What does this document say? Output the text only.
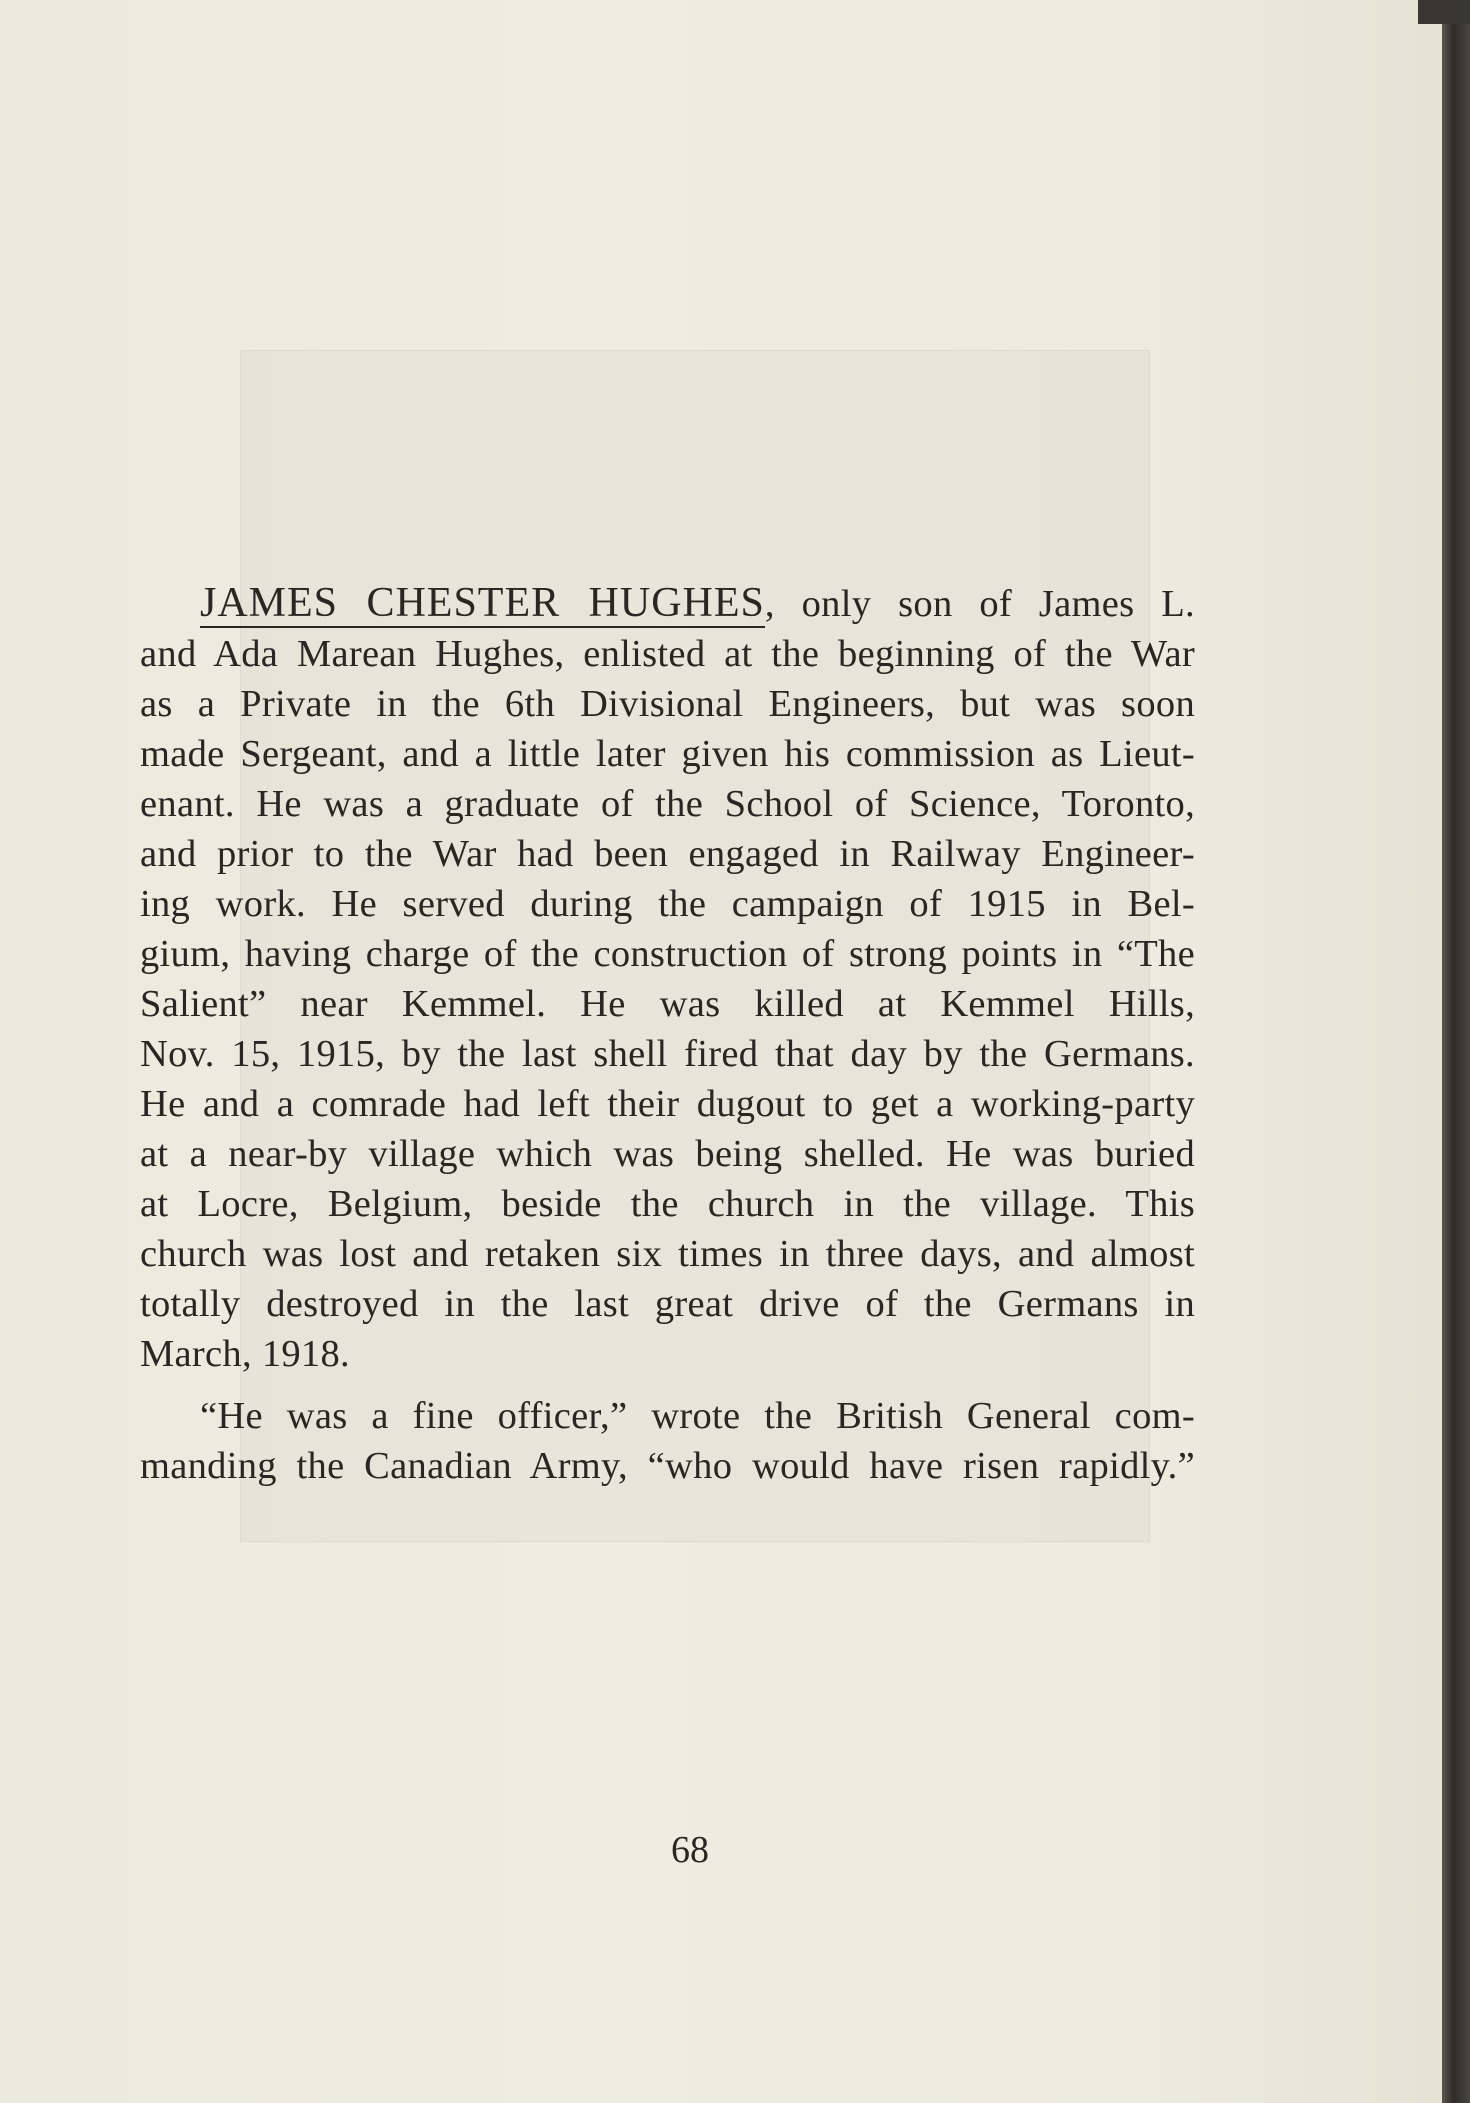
JAMES CHESTER HUGHES, only son of James L.
and Ada Marean Hughes, enlisted at the beginning of the War
as a Private in the 6th Divisional Engineers, but was soon
made Sergeant, and a little later given his commission as Lieut-
enant. He was a graduate of the School of Science, Toronto,
and prior to the War had been engaged in Railway Engineer-
ing work. He served during the campaign of 1915 in Bel-
gium, having charge of the construction of strong points in “The
Salient” near Kemmel. He was killed at Kemmel Hills,
Nov. 15, 1915, by the last shell fired that day by the Germans.
He and a comrade had left their dugout to get a working-party
at a near-by village which was being shelled. He was buried
at Locre, Belgium, beside the church in the village. This
church was lost and retaken six times in three days, and almost
totally destroyed in the last great drive of the Germans in
March, 1918.
“He was a fine officer,” wrote the British General com-
manding the Canadian Army, “who would have risen rapidly.”
68
